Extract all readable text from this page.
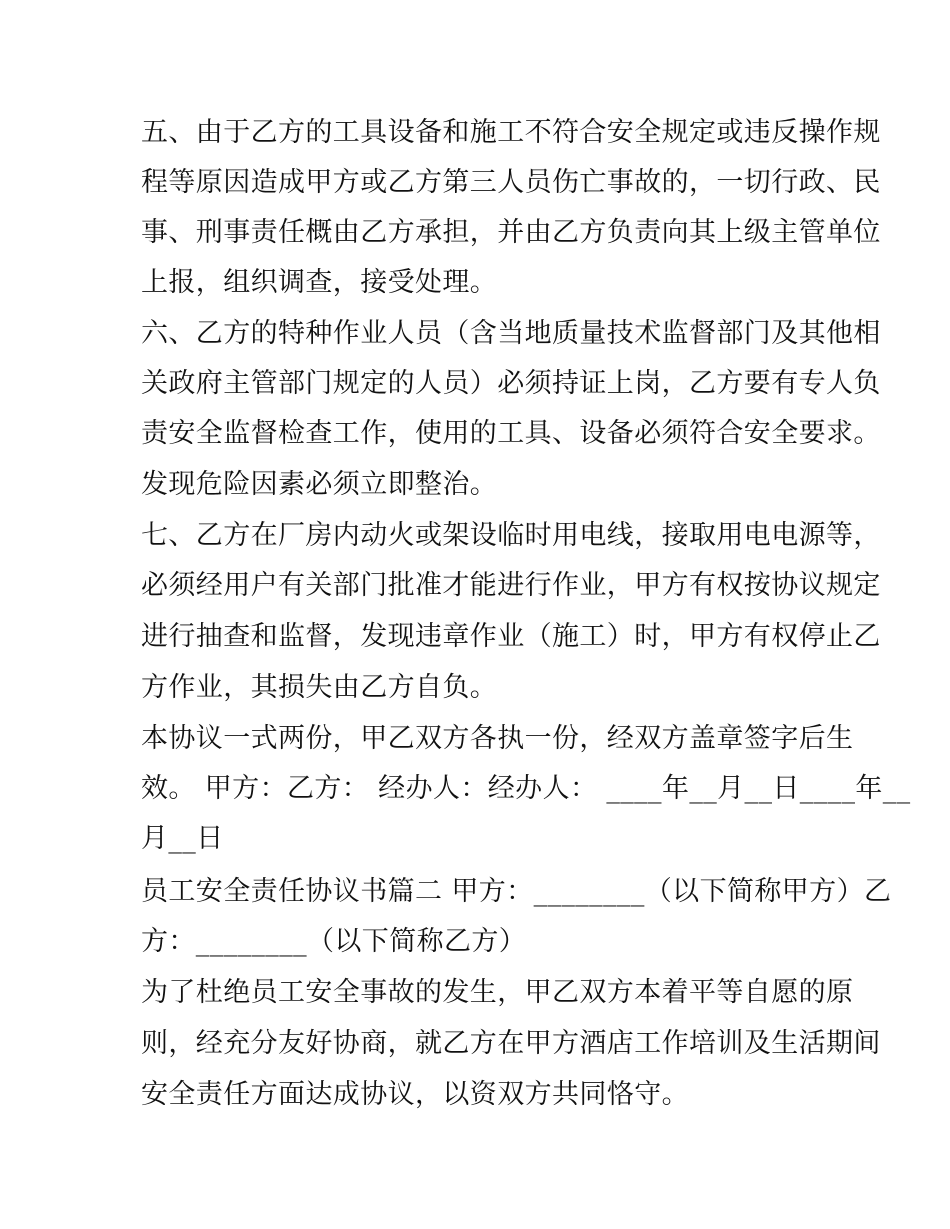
五、由于乙方的工具设备和施工不符合安全规定或违反操作规
程等原因造成甲方或乙方第三人员伤亡事故的，一切行政、民
事、刑事责任概由乙方承担，并由乙方负责向其上级主管单位
上报，组织调查，接受处理。
六、乙方的特种作业人员（含当地质量技术监督部门及其他相
关政府主管部门规定的人员）必须持证上岗，乙方要有专人负
责安全监督检查工作，使用的工具、设备必须符合安全要求。
发现危险因素必须立即整治。
七、乙方在厂房内动火或架设临时用电线，接取用电电源等，
必须经用户有关部门批准才能进行作业，甲方有权按协议规定
进行抽查和监督，发现违章作业（施工）时，甲方有权停止乙
方作业，其损失由乙方自负。
本协议一式两份，甲乙双方各执一份，经双方盖章签字后生
效。 甲方：乙方： 经办人：经办人： ____年__月__日____年__
月__日
员工安全责任协议书篇二 甲方：________（以下简称甲方）乙
方：________（以下简称乙方）
为了杜绝员工安全事故的发生，甲乙双方本着平等自愿的原
则，经充分友好协商，就乙方在甲方酒店工作培训及生活期间
安全责任方面达成协议，以资双方共同恪守。
